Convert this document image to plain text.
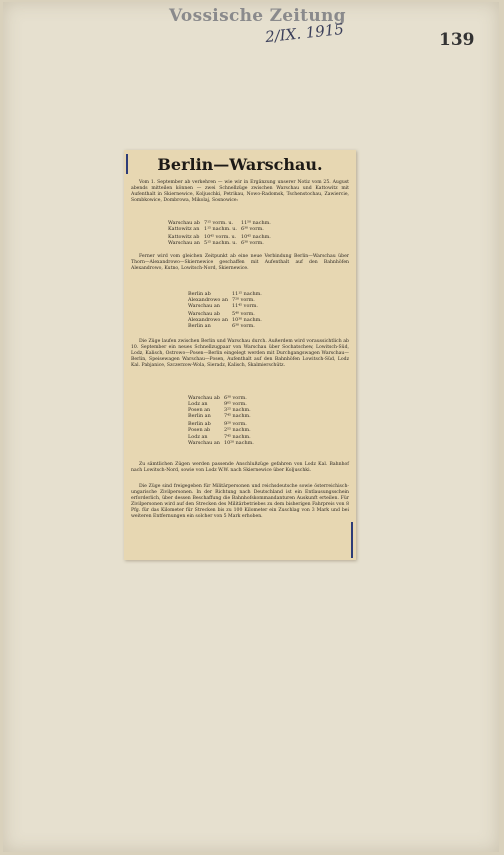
Vossische Zeitung
2/IX. 1915	139
Berlin—Warschau.
Vom 1. September ab verkehren — wie wir in Ergänzung unserer Notiz vom 25. August abends mitteilen können — zwei Schnellzüge zwischen Warschau und Kattowitz mit Aufenthalt in Skiernewice, Koljuschki, Petrikau, Nowo-Radomsk, Tschenstochau, Zawiercie, Sombkowice, Dombrowa, Mikolaj, Sosnowice:
Warschau ab	7¹⁵ vorm. u.	11⁵⁰ nachm.
Kattowitz an	1¹⁵ nachm. u.	6³⁰ vorm.
Kattowitz ab	10⁴⁵ vorm. u.	10⁴⁵ nachm.
Warschau an	5¹⁵ nachm. u.	6³⁰ vorm.
Ferner wird vom gleichen Zeitpunkt ab eine neue Verbindung Berlin—Warschau über Thorn—Alexandrowo—Skiernewice geschaffen mit Aufenthalt auf den Bahnhöfen Alexandrowo, Kutno, Lowitsch-Nord, Skiernewice.
Berlin ab	11¹⁵ nachm.
Alexandrowo an	7²⁰ vorm.
Warschau an	11⁴⁵ vorm.
Warschau ab	5⁴⁰ vorm.
Alexandrowo an	10³⁰ nachm.
Berlin an	6³⁰ vorm.
Die Züge laufen zwischen Berlin und Warschau durch. Außerdem wird voraussichtlich ab 10. September ein neues Schnellzugpaar von Warschau über Sochatschew, Lowitsch-Süd, Lodz, Kalisch, Ostrowo—Posen—Berlin eingelegt werden mit Durchgangswagen Warschau—Berlin, Speisewagen Warschau—Posen, Aufenthalt auf den Bahnhöfen Lowitsch-Süd, Lodz Kal. Pabjanice, Szczerzow-Wola, Sieradz, Kalisch, Skalmierschütz.
Warschau ab	6³⁰ vorm.
Lodz an	9⁰⁵ vorm.
Posen an	3²⁵ nachm.
Berlin an	7⁴⁵ nachm.
Berlin ab	9²⁰ vorm.
Posen ab	2⁵⁵ nachm.
Lodz an	7⁴⁵ nachm.
Warschau an	10²⁰ nachm.
Zu sämtlichen Zügen werden passende Anschlußzüge gefahren von Lodz Kal. Bahnhof nach Lowitsch-Nord, sowie von Lodz W.W. nach Skiernewice über Koljuschki.
Die Züge sind freigegeben für Militärpersonen und reichsdeutsche sowie österreichisch-ungarische Zivilpersonen. In der Richtung nach Deutschland ist ein Entlausungsschein erforderlich, über dessen Beschaffung die Bahnhofskommandanturen Auskunft erteilen. Für Zivilpersonen wird auf den Strecken des Militärbetriebes zu dem bisherigen Fahrpreis von 8 Pfg. für das Kilometer für Strecken bis zu 100 Kilometer ein Zuschlag von 3 Mark und bei weiteren Entfernungen ein solcher von 5 Mark erhoben.
